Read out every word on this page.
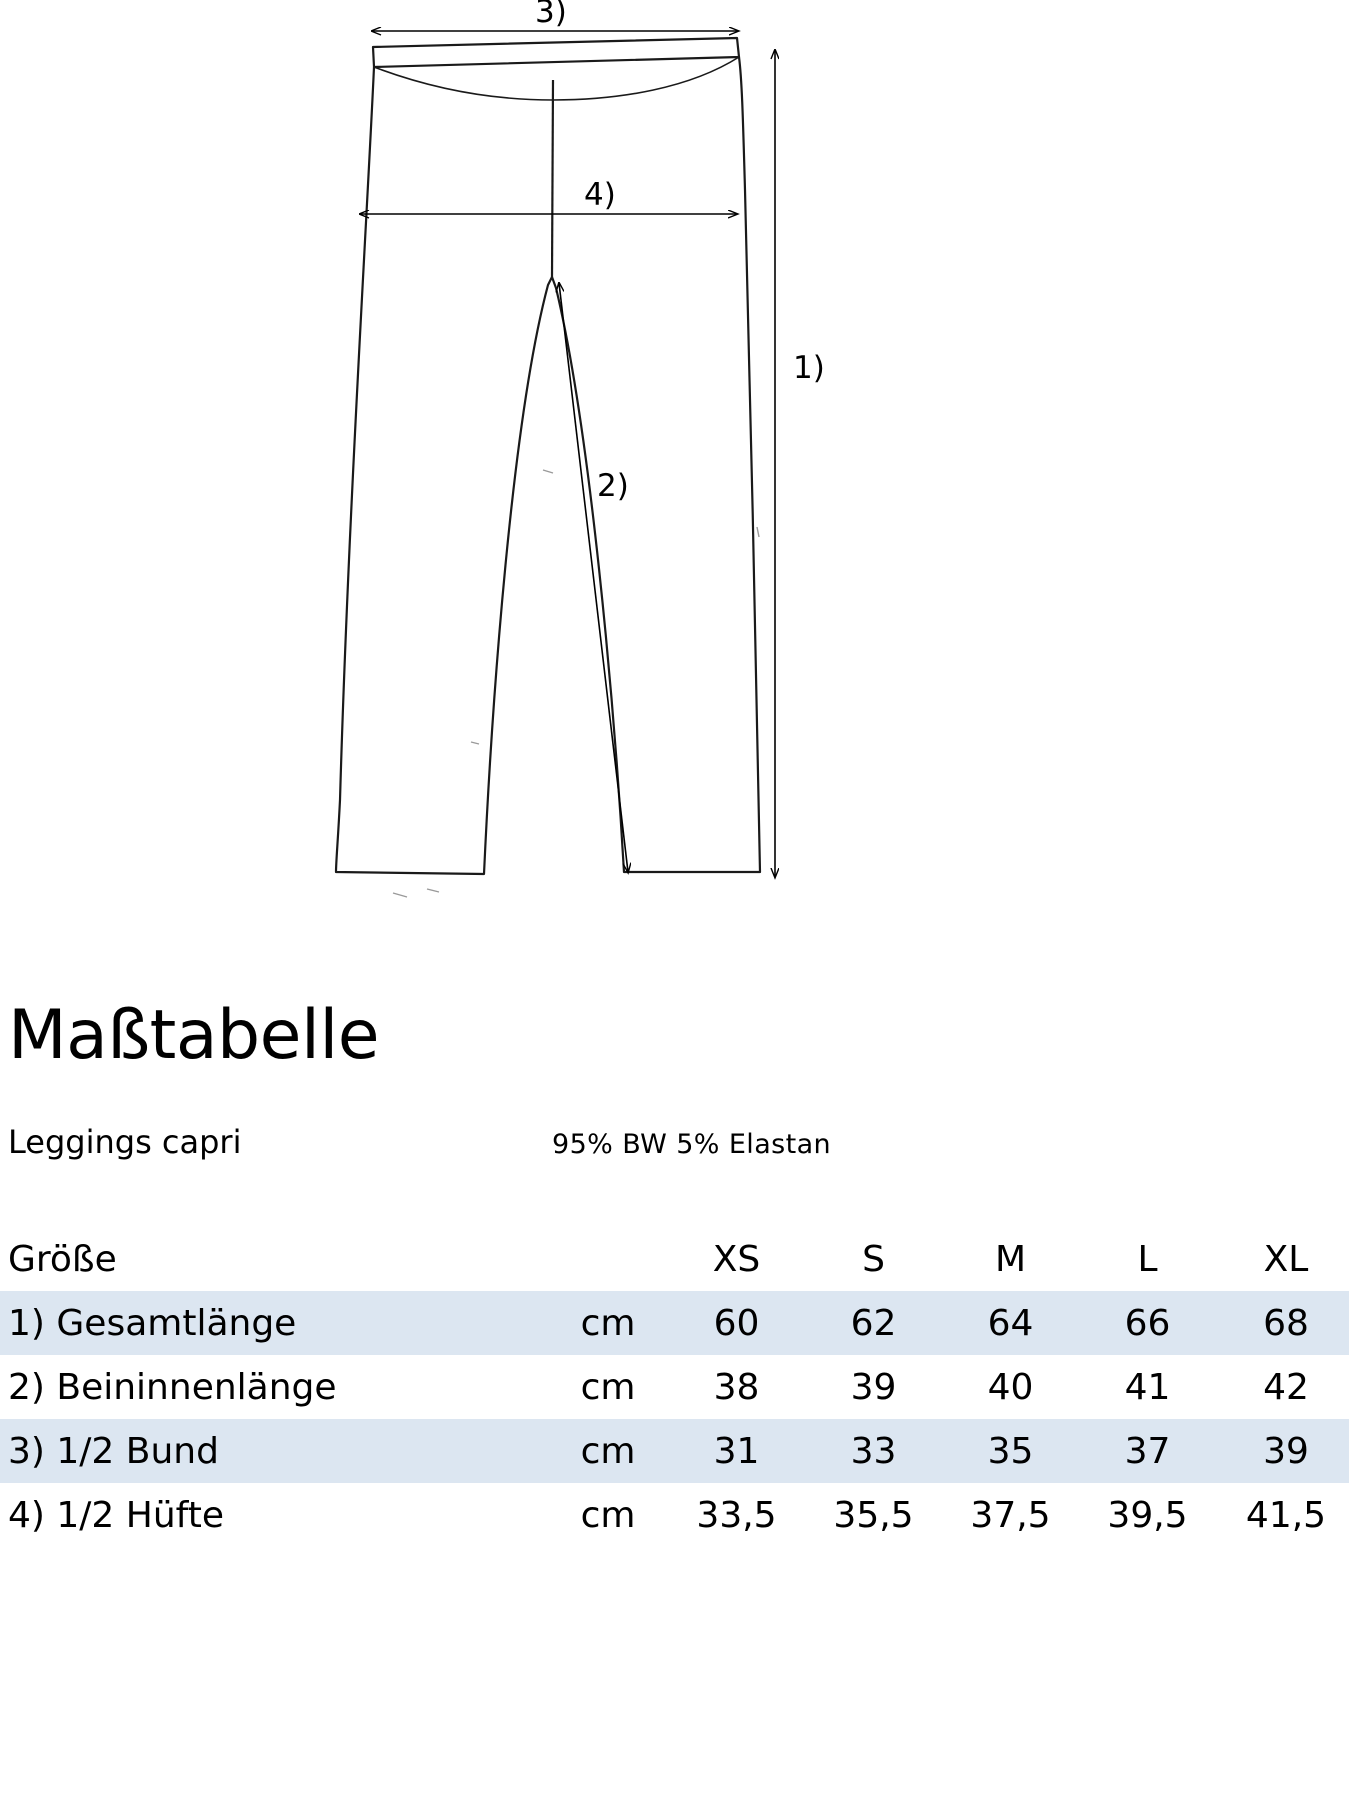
3)
4)
1)
2)
Maßtabelle
Leggings capri	95% BW 5% Elastan
Größe		XS	S	M	L	XL
1) Gesamtlänge	cm	60	62	64	66	68
2) Beininnenlänge	cm	38	39	40	41	42
3) 1/2 Bund	cm	31	33	35	37	39
4) 1/2 Hüfte	cm	33,5	35,5	37,5	39,5	41,5
